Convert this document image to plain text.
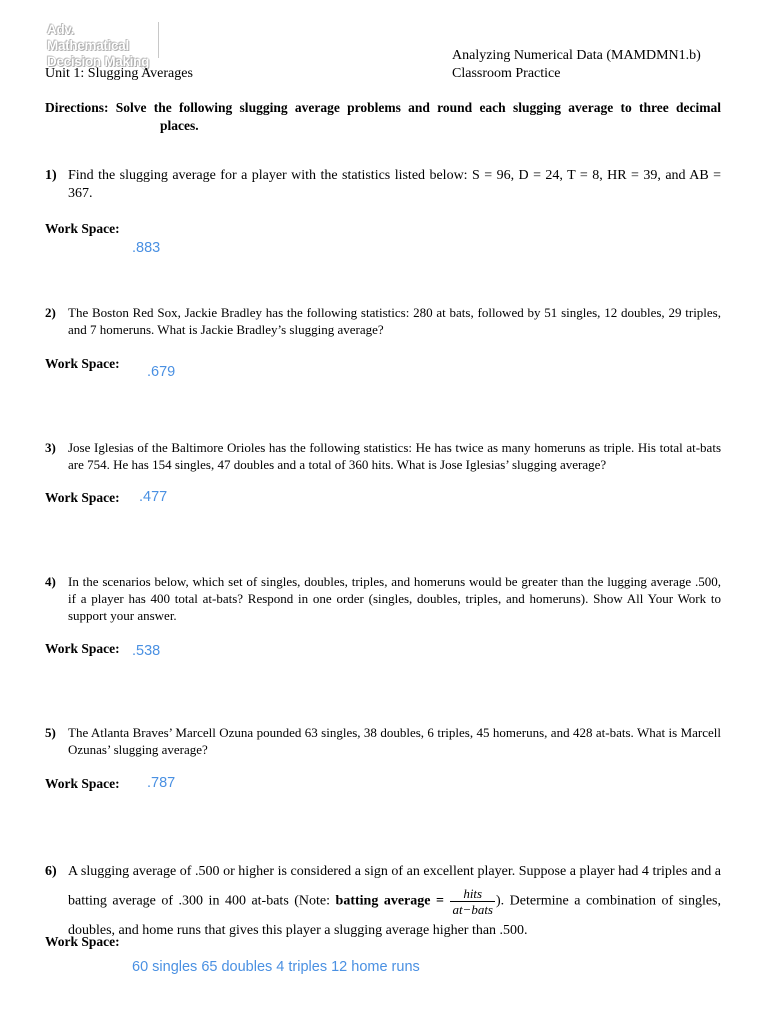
Adv. Mathematical
Decision Making
Unit 1: Slugging Averages
Analyzing Numerical Data (MAMDMN1.b)
Classroom Practice
Directions: Solve the following slugging average problems and round each slugging average to three decimal
places.
1) Find the slugging average for a player with the statistics listed below: S = 96, D = 24, T = 8, HR = 39, and AB = 367.
Work Space:
.883
2) The Boston Red Sox, Jackie Bradley has the following statistics: 280 at bats, followed by 51 singles, 12 doubles, 29 triples, and 7 homeruns. What is Jackie Bradley’s slugging average?
Work Space:
.679
3) Jose Iglesias of the Baltimore Orioles has the following statistics: He has twice as many homeruns as triple. His total at-bats are 754. He has 154 singles, 47 doubles and a total of 360 hits. What is Jose Iglesias’ slugging average?
Work Space: .477
4) In the scenarios below, which set of singles, doubles, triples, and homeruns would be greater than the lugging average .500, if a player has 400 total at-bats? Respond in one order (singles, doubles, triples, and homeruns). Show All Your Work to support your answer.
Work Space: .538
5) The Atlanta Braves’ Marcell Ozuna pounded 63 singles, 38 doubles, 6 triples, 45 homeruns, and 428 at-bats. What is Marcell Ozunas’ slugging average?
Work Space: .787
6) A slugging average of .500 or higher is considered a sign of an excellent player. Suppose a player had 4 triples and a batting average of .300 in 400 at-bats (Note: batting average = $\frac{\text{hits}}{\text{at−bats}}$ ). Determine a combination of singles, doubles, and home runs that gives this player a slugging average higher than .500.
Work Space:
60 singles 65 doubles 4 triples 12 home runs
